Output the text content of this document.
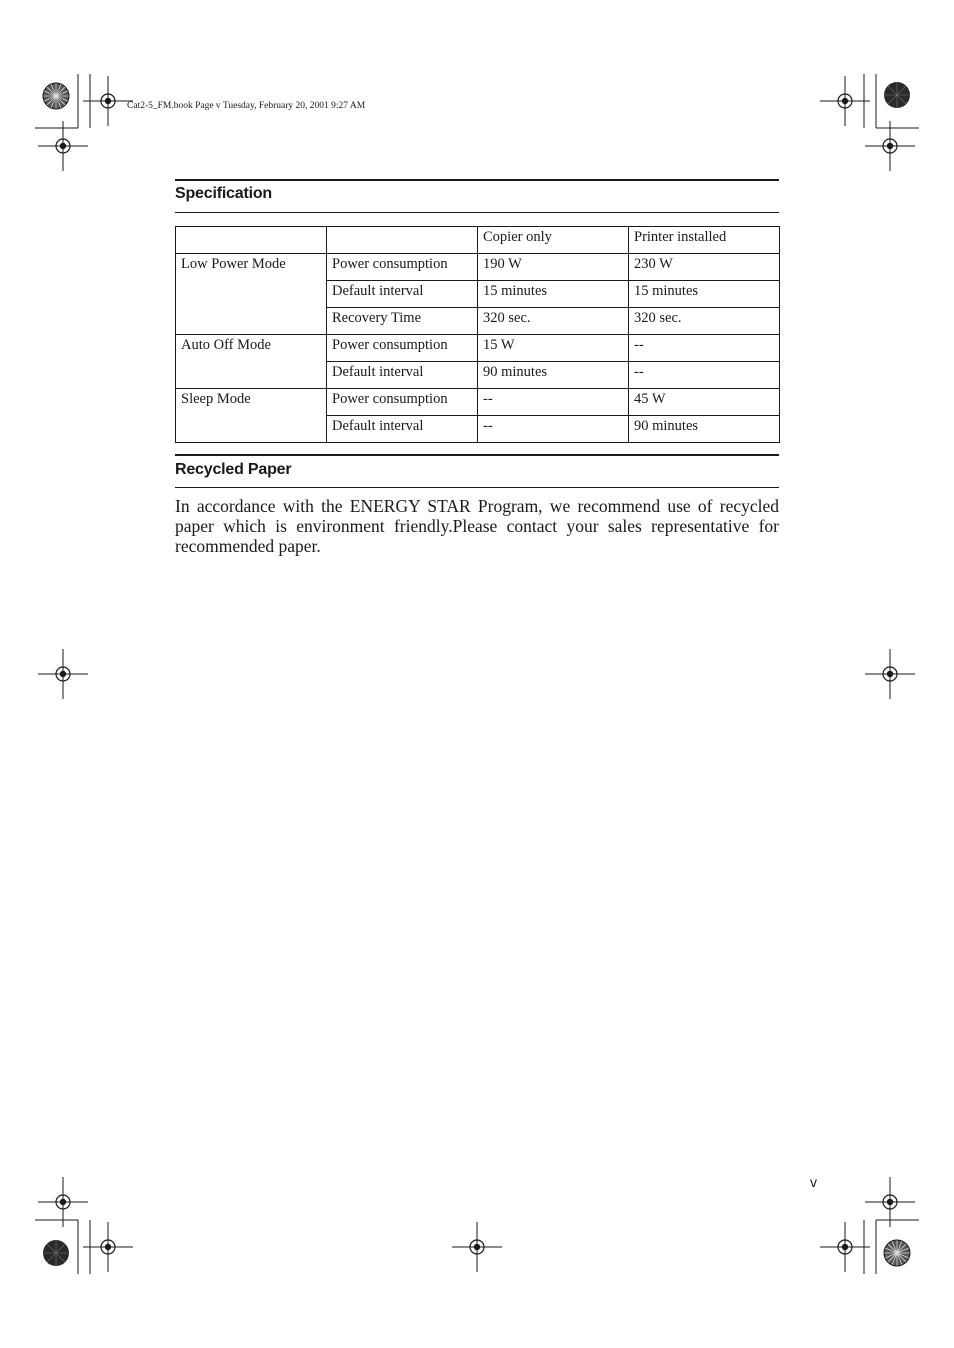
Cat2-5_FM.book Page v Tuesday, February 20, 2001 9:27 AM
Specification
		Copier only	Printer installed
Low Power Mode	Power consumption	190 W	230 W
	Default interval	15 minutes	15 minutes
	Recovery Time	320 sec.	320 sec.
Auto Off Mode	Power consumption	15 W	--
	Default interval	90 minutes	--
Sleep Mode	Power consumption	--	45 W
	Default interval	--	90 minutes
Recycled Paper
In accordance with the ENERGY STAR Program, we recommend use of recycled paper which is environment friendly.Please contact your sales representative for recommended paper.
v
